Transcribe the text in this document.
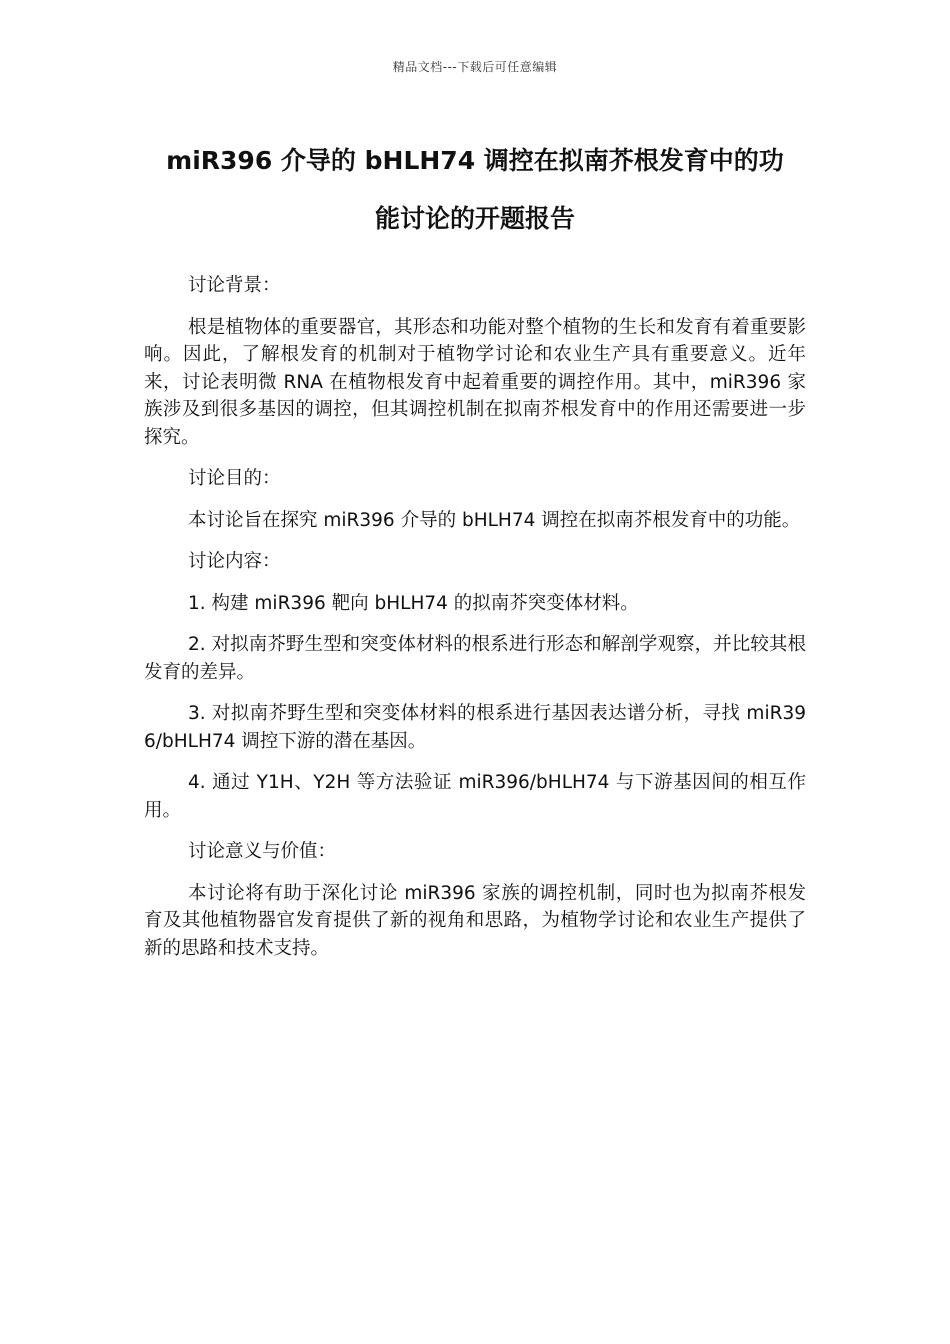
精品文档---下载后可任意编辑
miR396 介导的 bHLH74 调控在拟南芥根发育中的功
能讨论的开题报告

讨论背景：

根是植物体的重要器官，其形态和功能对整个植物的生长和发育有着重要影响。因此，了解根发育的机制对于植物学讨论和农业生产具有重要意义。近年来，讨论表明微 RNA 在植物根发育中起着重要的调控作用。其中，miR396 家族涉及到很多基因的调控，但其调控机制在拟南芥根发育中的作用还需要进一步探究。

讨论目的：

本讨论旨在探究 miR396 介导的 bHLH74 调控在拟南芥根发育中的功能。

讨论内容：

1. 构建 miR396 靶向 bHLH74 的拟南芥突变体材料。

2. 对拟南芥野生型和突变体材料的根系进行形态和解剖学观察，并比较其根发育的差异。

3. 对拟南芥野生型和突变体材料的根系进行基因表达谱分析，寻找 miR396/bHLH74 调控下游的潜在基因。

4. 通过 Y1H、Y2H 等方法验证 miR396/bHLH74 与下游基因间的相互作用。

讨论意义与价值：

本讨论将有助于深化讨论 miR396 家族的调控机制，同时也为拟南芥根发育及其他植物器官发育提供了新的视角和思路，为植物学讨论和农业生产提供了新的思路和技术支持。
